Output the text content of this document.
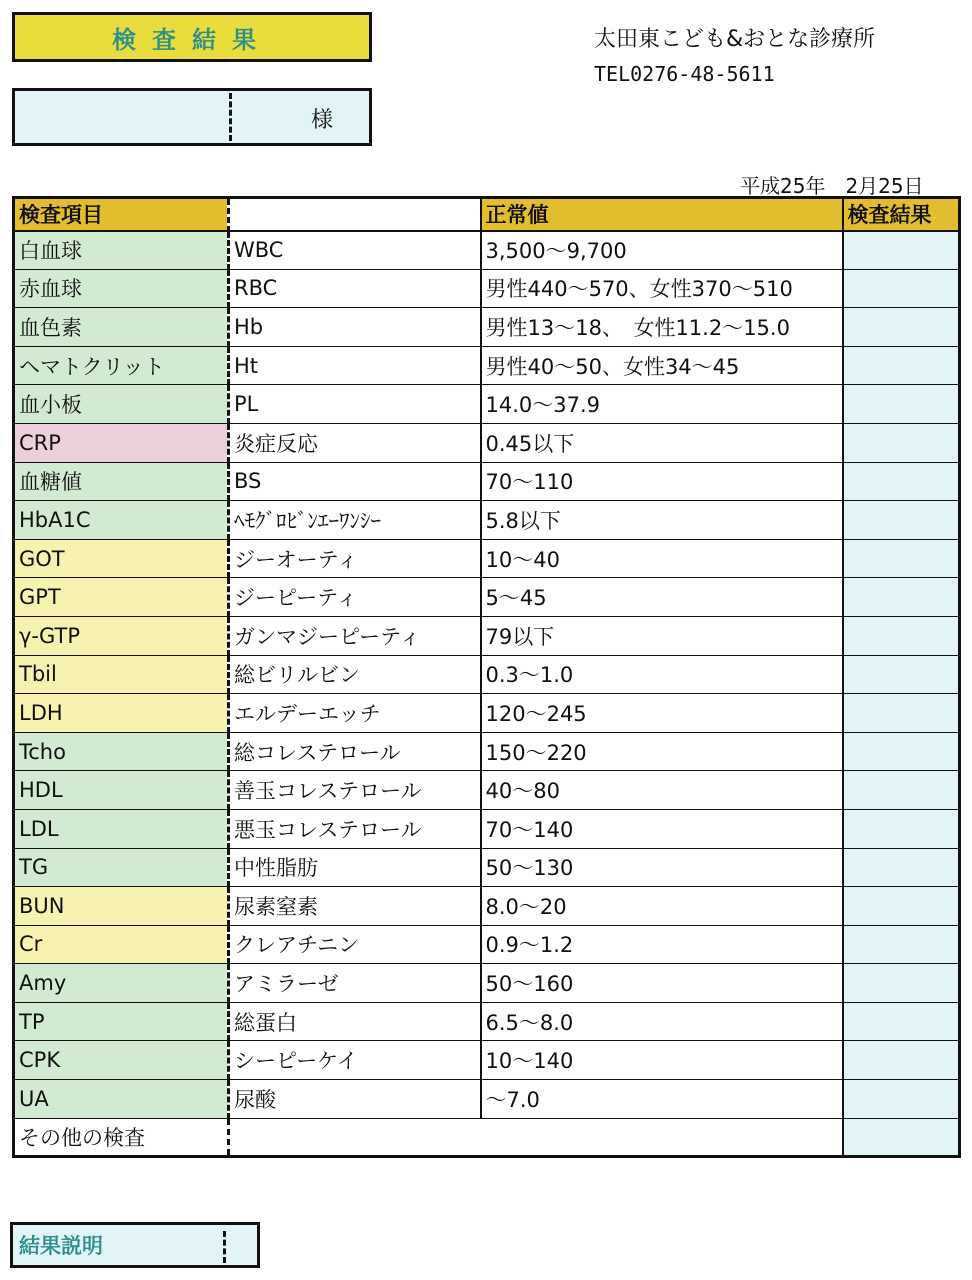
検査結果
様
太田東こども&おとな診療所
TEL0276-48-5611
平成25年　2月25日
検査項目		正常値	検査結果
白血球	WBC	3,500～9,700	
赤血球	RBC	男性440～570、女性370～510	
血色素	Hb	男性13～18、　女性11.2～15.0	
ヘマトクリット	Ht	男性40～50、女性34～45	
血小板	PL	14.0～37.9	
CRP	炎症反応	0.45以下	
血糖値	BS	70～110	
HbA1C	ﾍﾓｸﾞﾛﾋﾞﾝｴｰﾜﾝｼｰ	5.8以下	
GOT	ジーオーティ	10～40	
GPT	ジーピーティ	5～45	
γ-GTP	ガンマジーピーティ	79以下	
Tbil	総ビリルビン	0.3～1.0	
LDH	エルデーエッチ	120～245	
Tcho	総コレステロール	150～220	
HDL	善玉コレステロール	40～80	
LDL	悪玉コレステロール	70～140	
TG	中性脂肪	50～130	
BUN	尿素窒素	8.0～20	
Cr	クレアチニン	0.9～1.2	
Amy	アミラーゼ	50～160	
TP	総蛋白	6.5～8.0	
CPK	シーピーケイ	10～140	
UA	尿酸	～7.0	
その他の検査			
結果説明
